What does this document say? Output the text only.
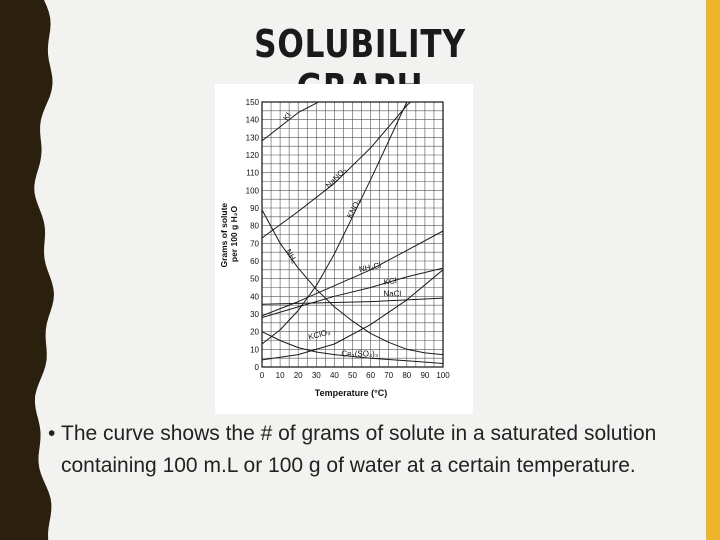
SOLUBILITY
0 10 20 30 40 50 60 70 80 90 100
0
10
20
30
40
50
60
70
80
90
100
110
120
130
140
150
KI
NaNO₃
KNO₃
NH₃
NH₄Cl
KCl
NaCl
KClO₃
Ce₂(SO₄)₃
Temperature (°C)
Grams of solute per 100 g H₂O
• The curve shows the # of grams of solute in a saturated solution containing 100 m.L or 100 g of water at a certain temperature.
